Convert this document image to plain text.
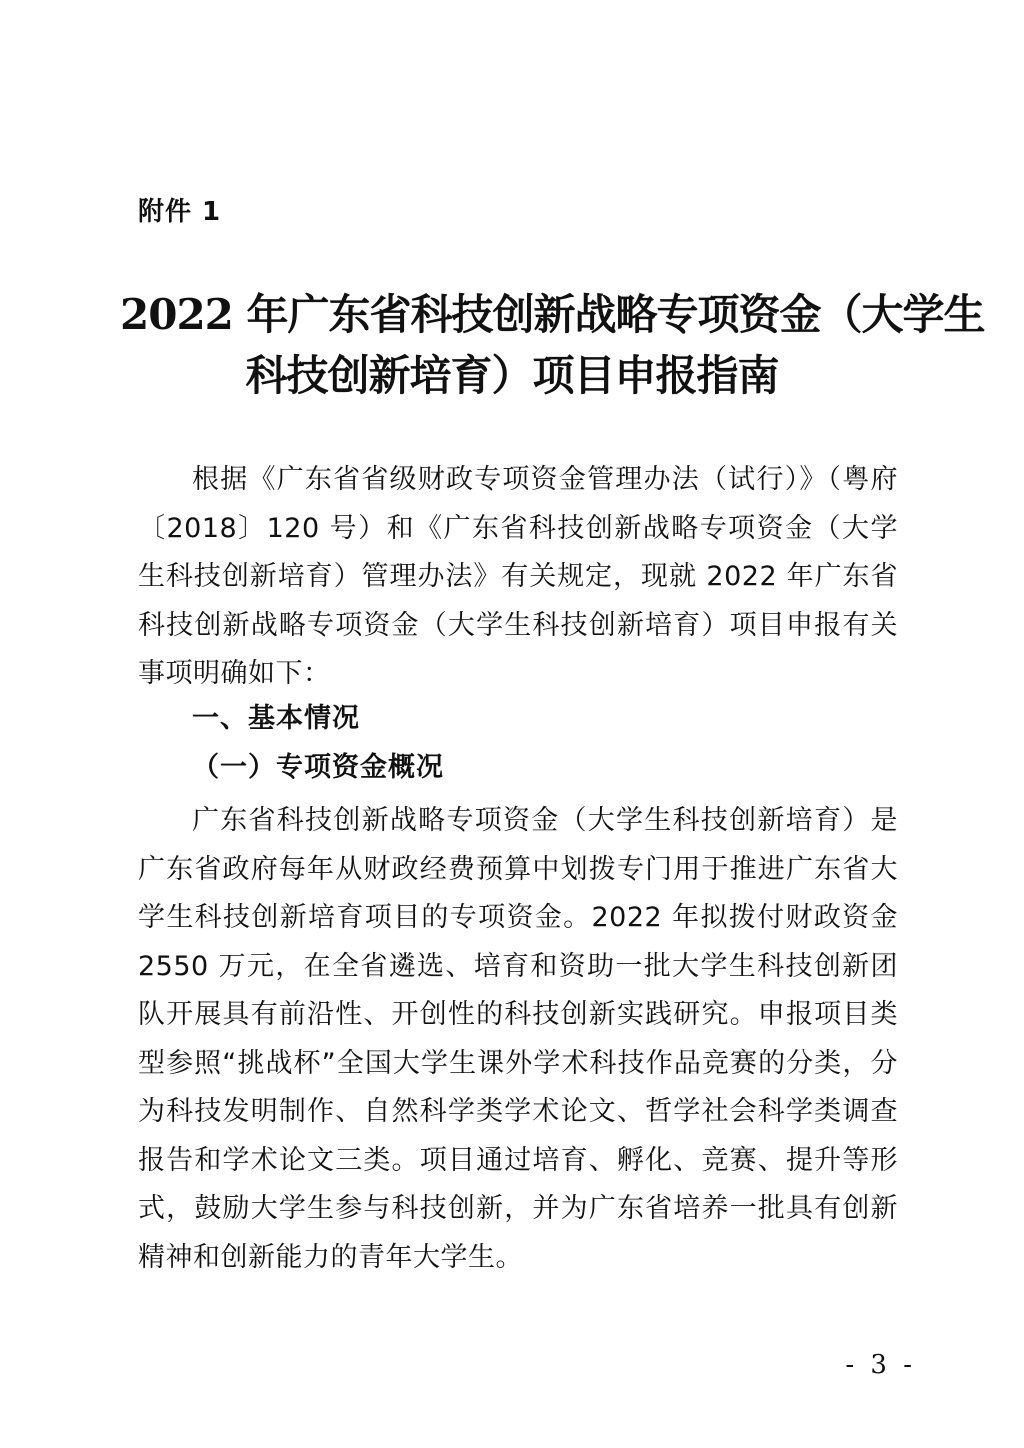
附件 1
2022 年广东省科技创新战略专项资金（大学生
科技创新培育）项目申报指南
根据《广东省省级财政专项资金管理办法（试行）》（粤府〔2018〕120 号）和《广东省科技创新战略专项资金（大学生科技创新培育）管理办法》有关规定，现就 2022 年广东省科技创新战略专项资金（大学生科技创新培育）项目申报有关事项明确如下：
一、基本情况
（一）专项资金概况
广东省科技创新战略专项资金（大学生科技创新培育）是广东省政府每年从财政经费预算中划拨专门用于推进广东省大学生科技创新培育项目的专项资金。2022 年拟拨付财政资金 2550 万元，在全省遴选、培育和资助一批大学生科技创新团队开展具有前沿性、开创性的科技创新实践研究。申报项目类型参照“挑战杯”全国大学生课外学术科技作品竞赛的分类，分为科技发明制作、自然科学类学术论文、哲学社会科学类调查报告和学术论文三类。项目通过培育、孵化、竞赛、提升等形式，鼓励大学生参与科技创新，并为广东省培养一批具有创新精神和创新能力的青年大学生。
- 3 -
